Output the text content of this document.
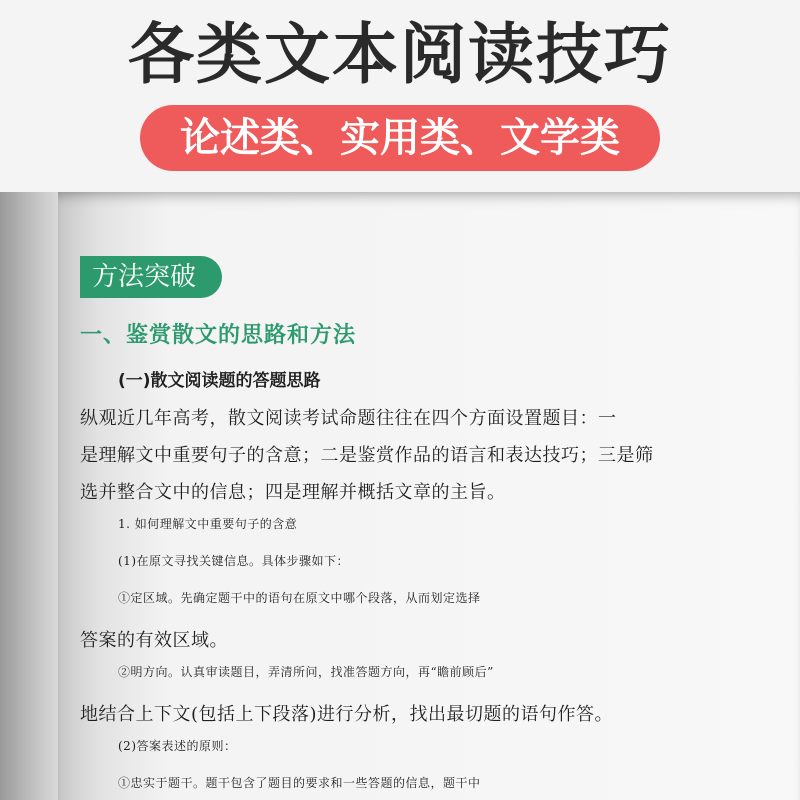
各类文本阅读技巧
论述类、实用类、文学类
方法突破
一、鉴赏散文的思路和方法
(一)散文阅读题的答题思路
纵观近几年高考，散文阅读考试命题往往在四个方面设置题目：一
是理解文中重要句子的含意；二是鉴赏作品的语言和表达技巧；三是筛
选并整合文中的信息；四是理解并概括文章的主旨。
1. 如何理解文中重要句子的含意
(1)在原文寻找关键信息。具体步骤如下：
①定区域。先确定题干中的语句在原文中哪个段落，从而划定选择
答案的有效区域。
②明方向。认真审读题目，弄清所问，找准答题方向，再“瞻前顾后”
地结合上下文(包括上下段落)进行分析，找出最切题的语句作答。
(2)答案表述的原则：
①忠实于题干。题干包含了题目的要求和一些答题的信息，题干中
